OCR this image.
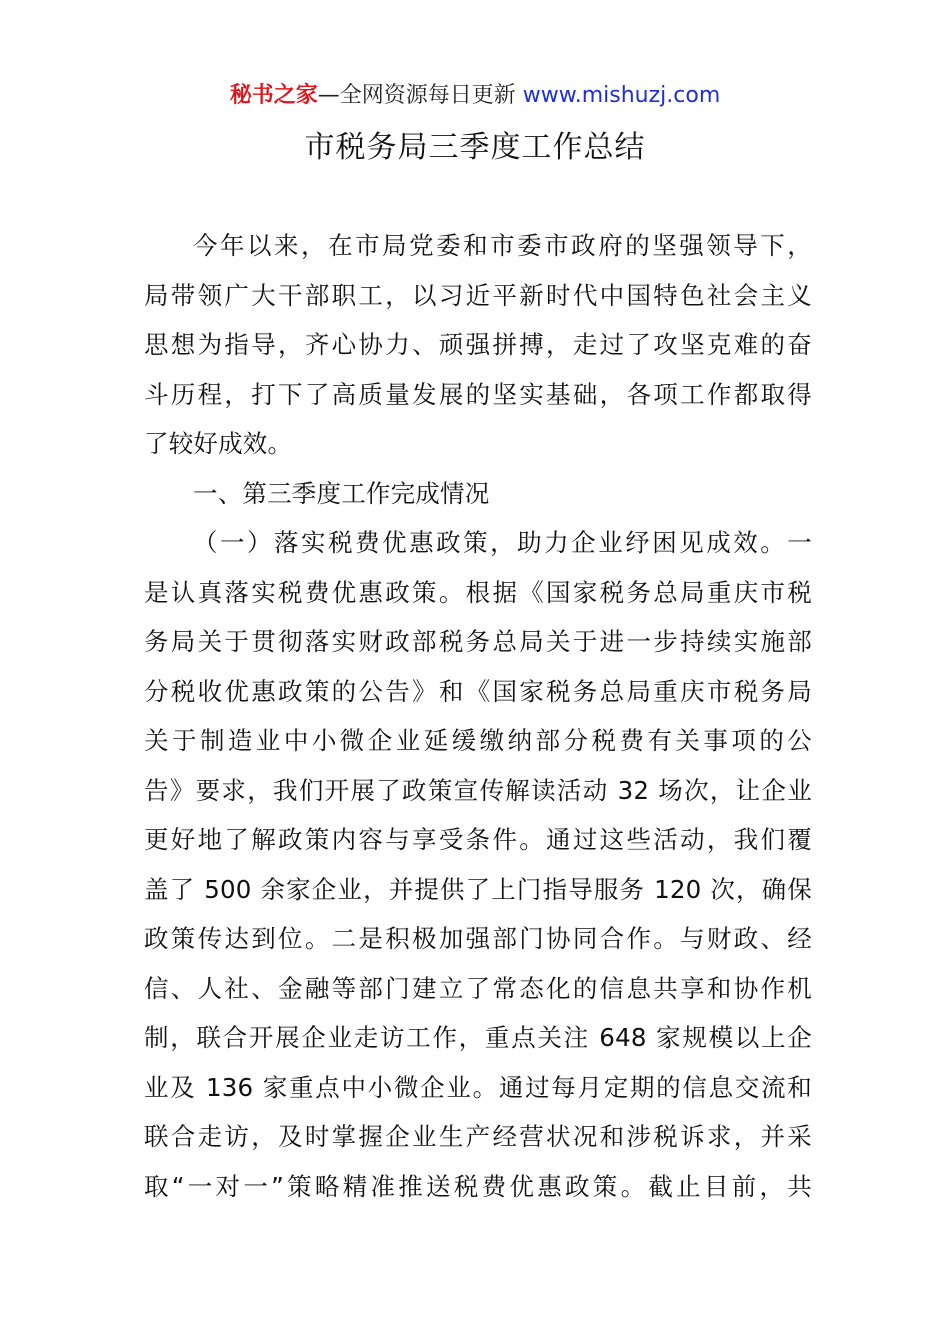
秘书之家—全网资源每日更新 www.mishuzj.com
市税务局三季度工作总结
今年以来，在市局党委和市委市政府的坚强领导下，
局带领广大干部职工，以习近平新时代中国特色社会主义
思想为指导，齐心协力、顽强拼搏，走过了攻坚克难的奋
斗历程，打下了高质量发展的坚实基础，各项工作都取得
了较好成效。
一、第三季度工作完成情况
（一）落实税费优惠政策，助力企业纾困见成效。一
是认真落实税费优惠政策。根据《国家税务总局重庆市税
务局关于贯彻落实财政部税务总局关于进一步持续实施部
分税收优惠政策的公告》和《国家税务总局重庆市税务局
关于制造业中小微企业延缓缴纳部分税费有关事项的公
告》要求，我们开展了政策宣传解读活动 32 场次，让企业
更好地了解政策内容与享受条件。通过这些活动，我们覆
盖了 500 余家企业，并提供了上门指导服务 120 次，确保
政策传达到位。二是积极加强部门协同合作。与财政、经
信、人社、金融等部门建立了常态化的信息共享和协作机
制，联合开展企业走访工作，重点关注 648 家规模以上企
业及 136 家重点中小微企业。通过每月定期的信息交流和
联合走访，及时掌握企业生产经营状况和涉税诉求，并采
取“一对一”策略精准推送税费优惠政策。截止目前，共
